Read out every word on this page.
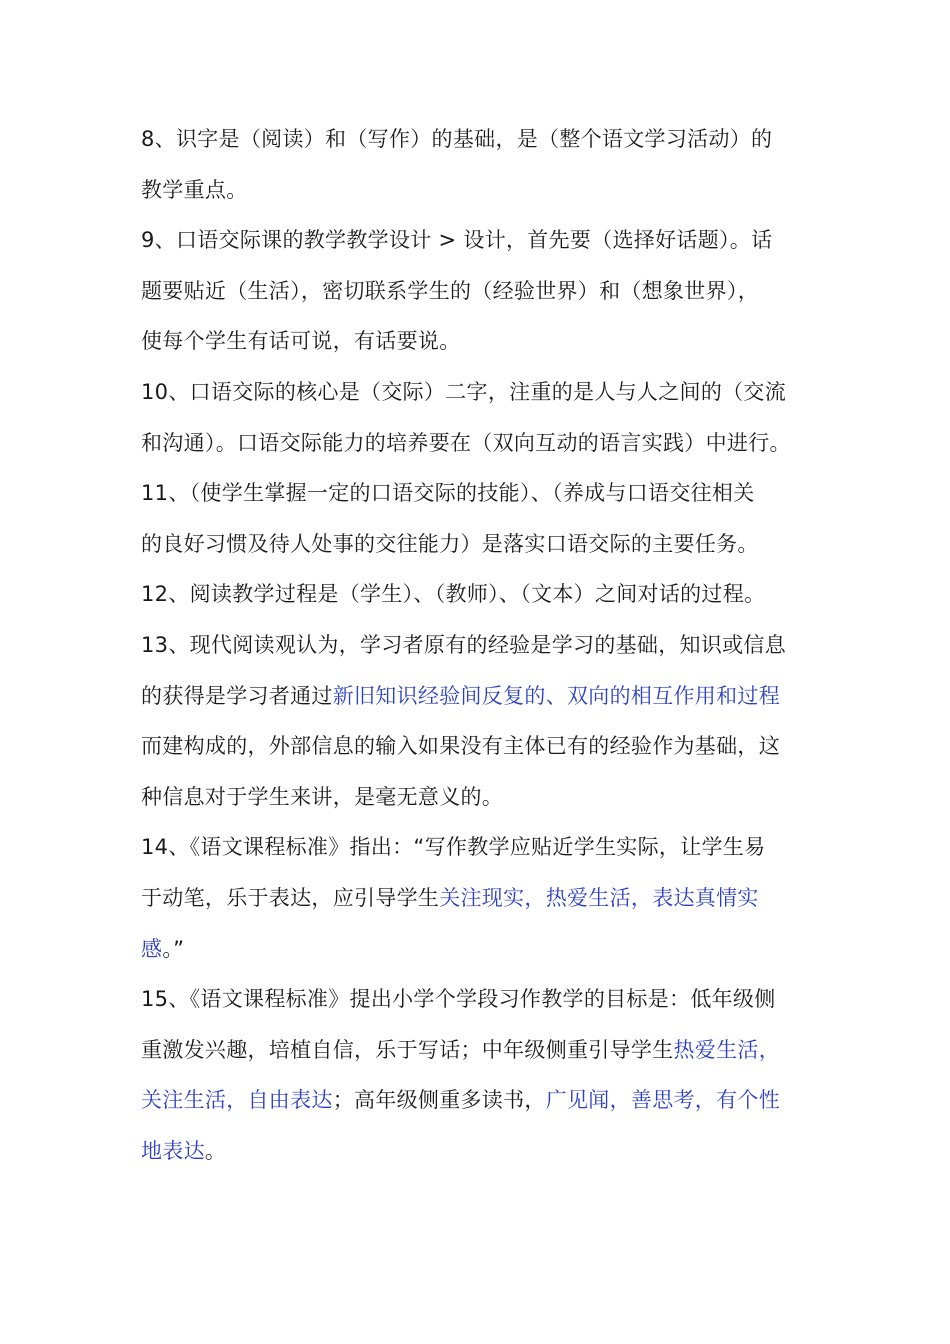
8、识字是（阅读）和（写作）的基础，是（整个语文学习活动）的
教学重点。
9、口语交际课的教学教学设计 > 设计，首先要（选择好话题）。话
题要贴近（生活），密切联系学生的（经验世界）和（想象世界），
使每个学生有话可说，有话要说。
10、口语交际的核心是（交际）二字，注重的是人与人之间的（交流
和沟通）。口语交际能力的培养要在（双向互动的语言实践）中进行。
11、（使学生掌握一定的口语交际的技能）、（养成与口语交往相关
的良好习惯及待人处事的交往能力）是落实口语交际的主要任务。
12、阅读教学过程是（学生）、（教师）、（文本）之间对话的过程。
13、现代阅读观认为，学习者原有的经验是学习的基础，知识或信息
的获得是学习者通过新旧知识经验间反复的、双向的相互作用和过程
而建构成的，外部信息的输入如果没有主体已有的经验作为基础，这
种信息对于学生来讲，是毫无意义的。
14、《语文课程标准》指出：“写作教学应贴近学生实际，让学生易
于动笔，乐于表达，应引导学生关注现实，热爱生活，表达真情实
感。”
15、《语文课程标准》提出小学个学段习作教学的目标是：低年级侧
重激发兴趣，培植自信，乐于写话；中年级侧重引导学生热爱生活，
关注生活，自由表达；高年级侧重多读书，广见闻，善思考，有个性
地表达。
